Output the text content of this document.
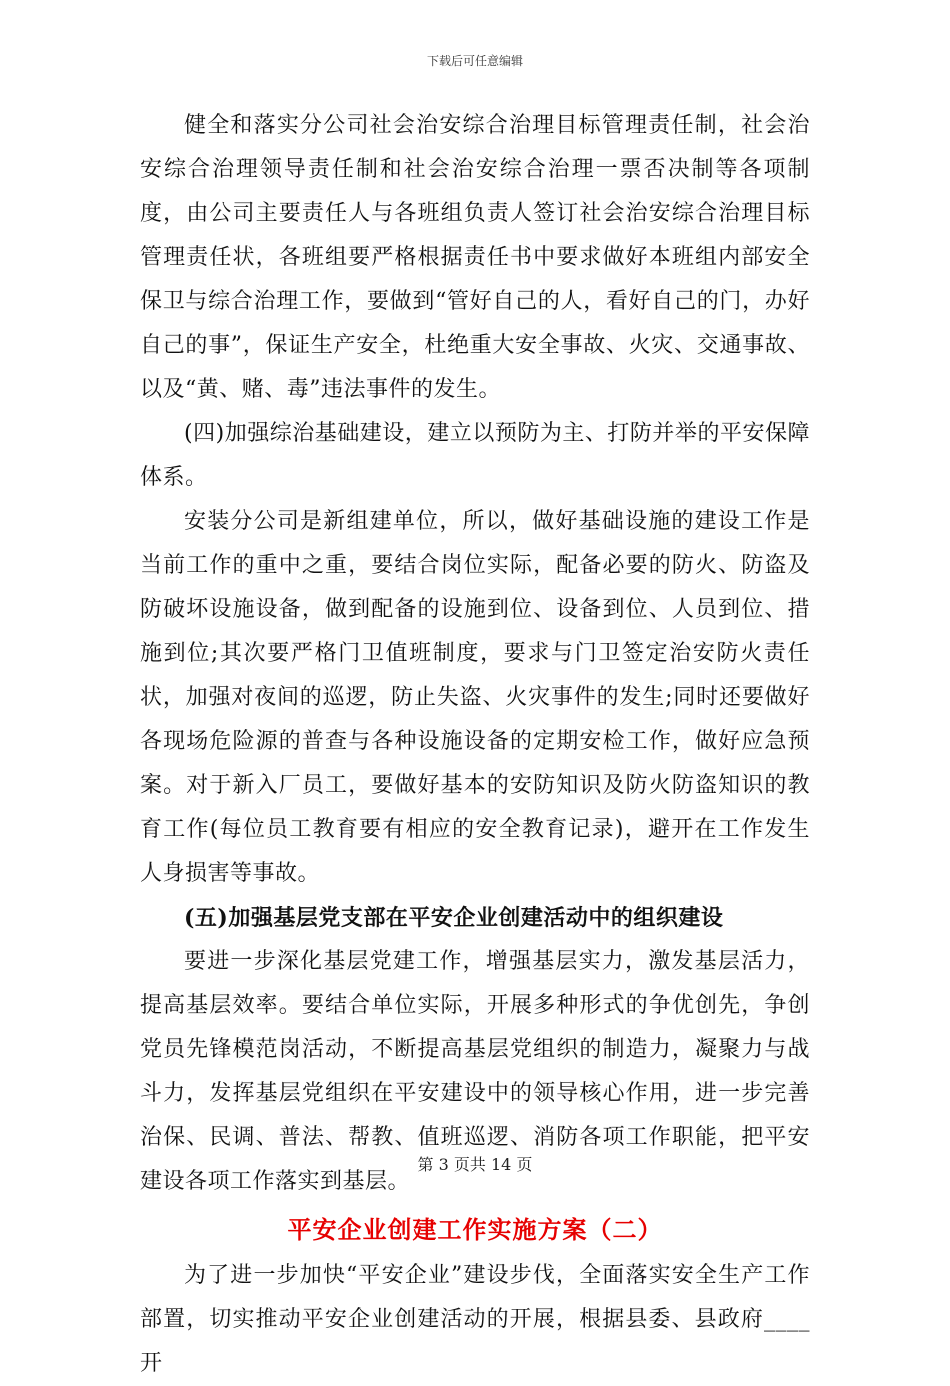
下载后可任意编辑

健全和落实分公司社会治安综合治理目标管理责任制，社会治安综合治理领导责任制和社会治安综合治理一票否决制等各项制度，由公司主要责任人与各班组负责人签订社会治安综合治理目标管理责任状，各班组要严格根据责任书中要求做好本班组内部安全保卫与综合治理工作，要做到“管好自己的人，看好自己的门，办好自己的事”，保证生产安全，杜绝重大安全事故、火灾、交通事故、以及“黄、赌、毒”违法事件的发生。

(四)加强综治基础建设，建立以预防为主、打防并举的平安保障体系。

安装分公司是新组建单位，所以，做好基础设施的建设工作是当前工作的重中之重，要结合岗位实际，配备必要的防火、防盗及防破坏设施设备，做到配备的设施到位、设备到位、人员到位、措施到位;其次要严格门卫值班制度，要求与门卫签定治安防火责任状，加强对夜间的巡逻，防止失盗、火灾事件的发生;同时还要做好各现场危险源的普查与各种设施设备的定期安检工作，做好应急预案。对于新入厂员工，要做好基本的安防知识及防火防盗知识的教育工作(每位员工教育要有相应的安全教育记录)，避开在工作发生人身损害等事故。

(五)加强基层党支部在平安企业创建活动中的组织建设

要进一步深化基层党建工作，增强基层实力，激发基层活力，提高基层效率。要结合单位实际，开展多种形式的争优创先，争创党员先锋模范岗活动，不断提高基层党组织的制造力，凝聚力与战斗力，发挥基层党组织在平安建设中的领导核心作用，进一步完善治保、民调、普法、帮教、值班巡逻、消防各项工作职能，把平安建设各项工作落实到基层。

平安企业创建工作实施方案（二）

为了进一步加快“平安企业”建设步伐，全面落实安全生产工作部置，切实推动平安企业创建活动的开展，根据县委、县政府____开

第 3 页共 14 页
